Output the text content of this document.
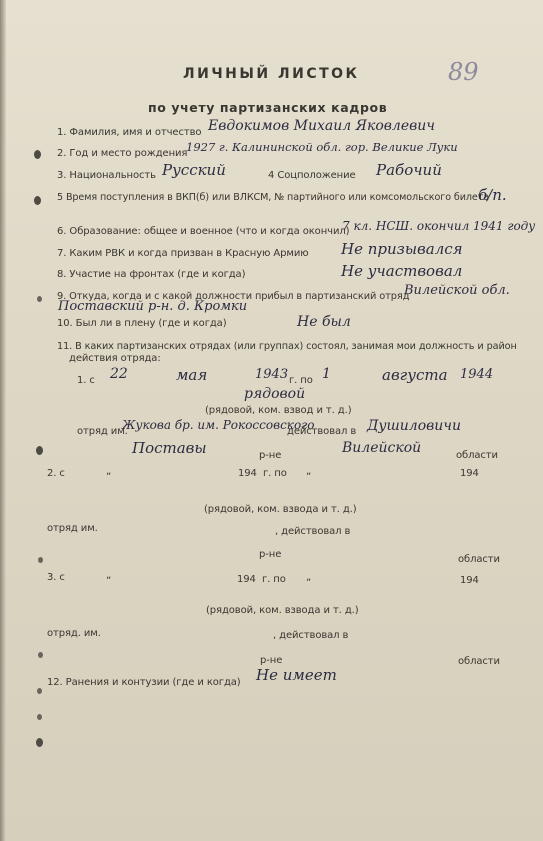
ЛИЧНЫЙ ЛИСТОК
по учету партизанских кадров
89
1. Фамилия, имя и отчество Евдокимов Михаил Яковлевич
2. Год и место рождения
1927 г. Калининской обл. гор. Великие Луки
3. Национальность Русский	4 Соцположение Рабочий
5 Время поступления в ВКП(б) или ВЛКСМ, № партийного или комсомольского билета
б/п.
6. Образование: общее и военное (что и когда окончил)
7 кл. НСШ. окончил 1941 году
7. Каким РВК и когда призван в Красную Армию Не призывался
8. Участие на фронтах (где и когда)	Не участвовал
9. Откуда, когда и с какой должности прибыл в партизанский отряд
Вилейской обл.
Поставский р-н. д. Кромки
10. Был ли в плену (где и когда)	Не был
11. В каких партизанских отрядах (или группах) состоял, занимая мои должность и район
действия отряда:
1. с 22	мая	1943 г. по 1	августа 1944
рядовой
(рядовой, ком. взвод и т. д.)
отряд им.
Жукова бр. им. Рокоссовского
действовал в Душиловичи
Поставы	р-не	Вилейской	области
2. с	„	194 г. по „	194
(рядовой, ком. взвода и т. д.)
отряд им.	, действовал в
р-не	области
3. с	„	194 г. по „	194
(рядовой, ком. взвода и т. д.)
отряд. им.	, действовал в
р-не	области
12. Ранения и контузии (где и когда) Не имеет
